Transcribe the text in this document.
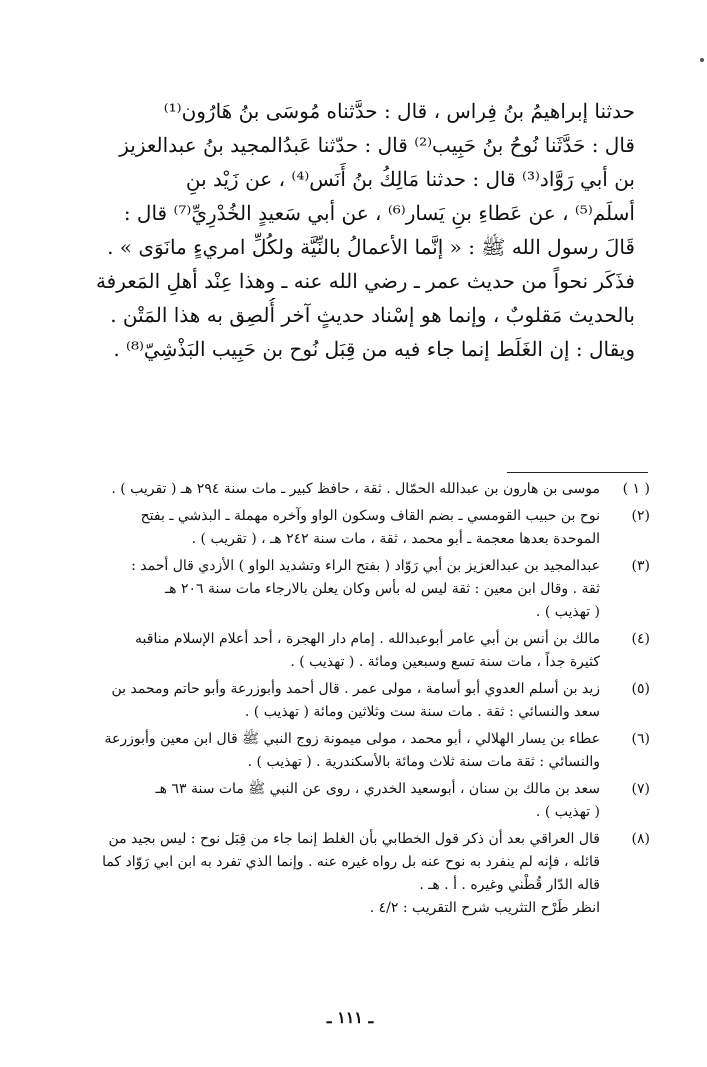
حدثنا إبراهيمُ بنُ فِراس ، قال : حدَّثناه مُوسَى بنُ هَارُون⁽¹⁾
قال : حَدَّثَنا نُوحُ بنُ حَبِيب⁽²⁾ قال : حدّثنا عَبدُالمجيد بنُ عبدالعزيز
بن أبي رَوَّاد⁽³⁾ قال : حدثنا مَالِكُ بنُ أَنَس⁽⁴⁾ ، عن زَيْد بنِ
أسلَم⁽⁵⁾ ، عن عَطاءِ بنِ يَسار⁽⁶⁾ ، عن أبي سَعيدٍ الخُدْرِيِّ⁽⁷⁾ قال :
قَالَ رسول الله ﷺ : « إنَّما الأعمالُ بالنِّيَّة ولكُلِّ امريءٍ مانَوَى » .
فذَكَر نحواً من حديث عمر ـ رضي الله عنه ـ وهذا عِنْد أهلِ المَعرفة
بالحديث مَقلوبٌ ، وإنما هو إسْناد حديثٍ آخر أُلصِق به هذا المَتْن .
ويقال : إن الغَلَط إنما جاء فيه من قِبَل نُوح بن حَبِيب البَذْشِيّ⁽⁸⁾ .
( ١ )
موسى بن هارون بن عبدالله الحمّال . ثقة ، حافظ كبير ـ مات سنة ٢٩٤ هـ ( تقريب ) .
(٢)
نوح بن حبيب القومسي ـ بضم القاف وسكون الواو وآخره مهملة ـ البذشي ـ بفتح
الموحدة بعدها معجمة ـ أبو محمد ، ثقة ، مات سنة ٢٤٢ هـ ، ( تقريب ) .
(٣)
عبدالمجيد بن عبدالعزيز بن أبي رَوّاد ( بفتح الراء وتشديد الواو ) الأزدي قال أحمد :
ثقة . وقال ابن معين : ثقة ليس له بأس وكان يعلن بالارجاء مات سنة ٢٠٦ هـ
( تهذيب ) .
(٤)
مالك بن أنس بن أبي عامر أبوعبدالله . إمام دار الهجرة ، أحد أعلام الإسلام مناقبه
كثيرة جداً ، مات سنة تسع وسبعين ومائة . ( تهذيب ) .
(٥)
زيد بن أسلم العدوي أبو أسامة ، مولى عمر . قال أحمد وأبوزرعة وأبو حاتم ومحمد بن
سعد والنسائي : ثقة . مات سنة ست وثلاثين ومائة ( تهذيب ) .
(٦)
عطاء بن يسار الهلالي ، أبو محمد ، مولى ميمونة زوج النبي ﷺ قال ابن معين وأبوزرعة
والنسائي : ثقة مات سنة ثلاث ومائة بالأسكندرية . ( تهذيب ) .
(٧)
سعد بن مالك بن سنان ، أبوسعيد الخدري ، روى عن النبي ﷺ مات سنة ٦٣ هـ
( تهذيب ) .
(٨)
قال العراقي بعد أن ذكر قول الخطابي بأن الغلط إنما جاء من قِبَل نوح : ليس بجيد من
قائله ، فإنه لم ينفرد به نوح عنه بل رواه غيره عنه . وإنما الذي تفرد به ابن ابي رَوّاد كما
قاله الدّار قُطْني وغيره . أ . هـ .
انظر طَرْح التثريب شرح التقريب : ٤/٢ .
ـ ١١١ ـ
